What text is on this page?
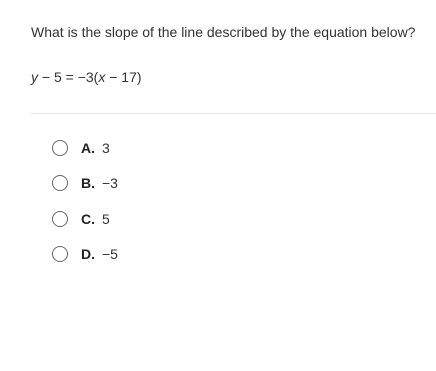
What is the slope of the line described by the equation below?
y − 5 = −3(x − 17)
A. 3
B. −3
C. 5
D. −5
